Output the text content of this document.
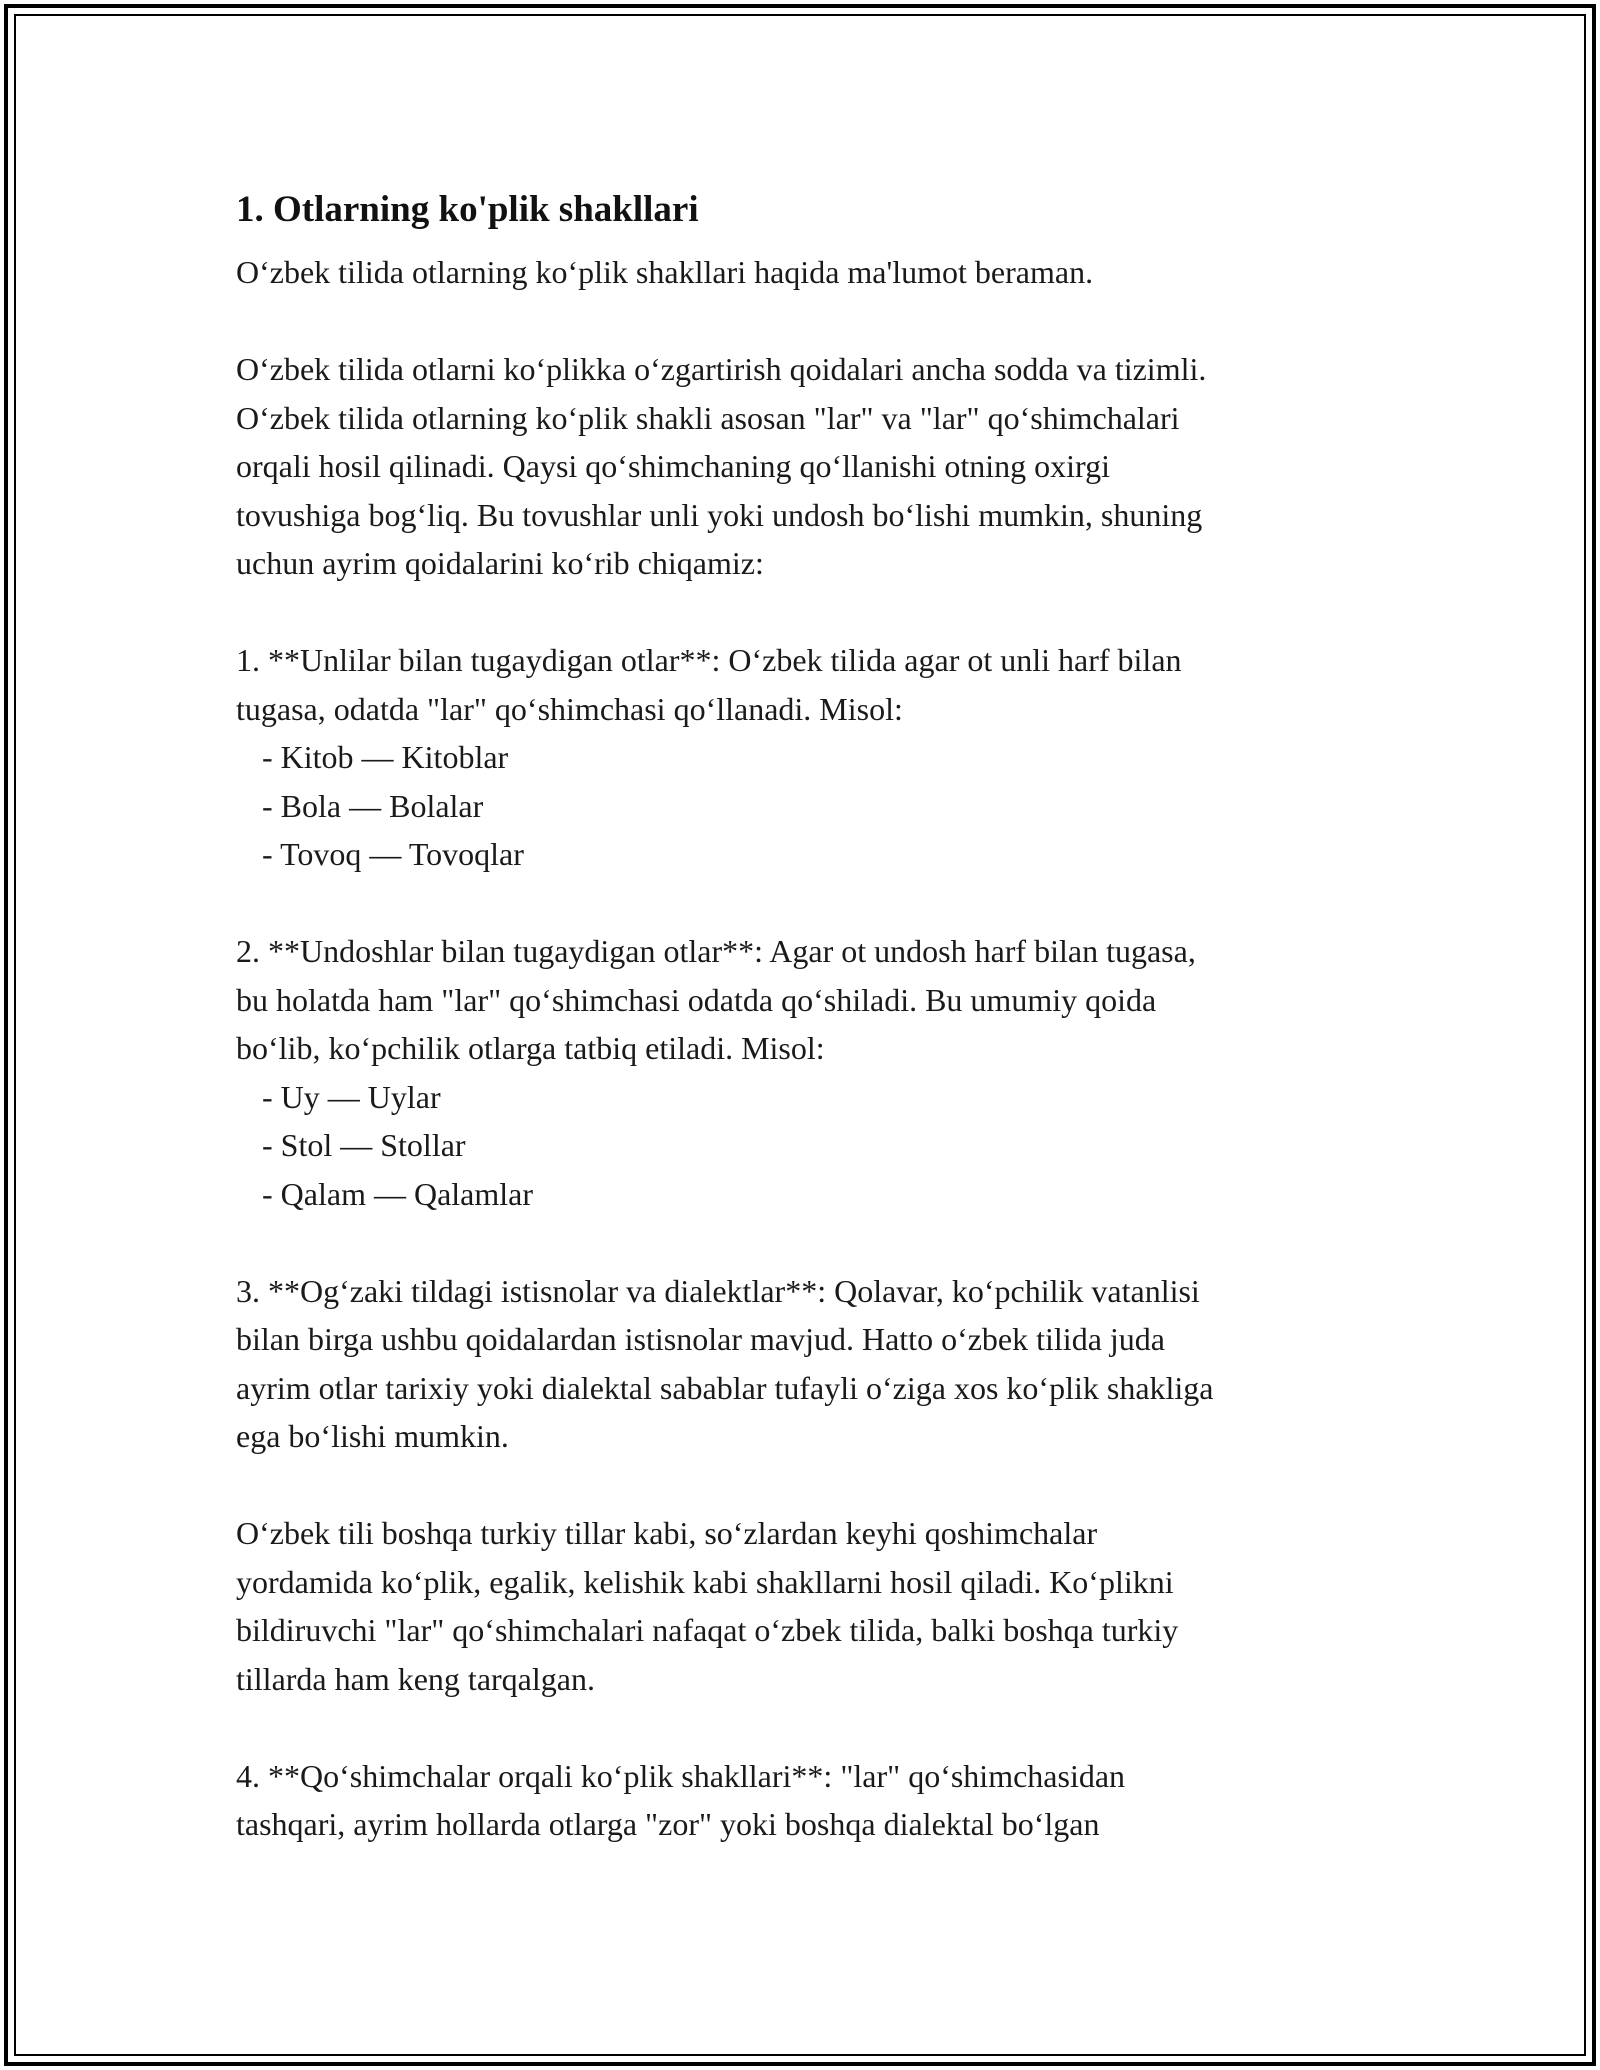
1. Otlarning ko'plik shakllari
O‘zbek tilida otlarning ko‘plik shakllari haqida ma'lumot beraman.
O‘zbek tilida otlarni ko‘plikka o‘zgartirish qoidalari ancha sodda va tizimli.
O‘zbek tilida otlarning ko‘plik shakli asosan "lar" va "lar" qo‘shimchalari
orqali hosil qilinadi. Qaysi qo‘shimchaning qo‘llanishi otning oxirgi
tovushiga bog‘liq. Bu tovushlar unli yoki undosh bo‘lishi mumkin, shuning
uchun ayrim qoidalarini ko‘rib chiqamiz:
1. **Unlilar bilan tugaydigan otlar**: O‘zbek tilida agar ot unli harf bilan
tugasa, odatda "lar" qo‘shimchasi qo‘llanadi. Misol:
- Kitob — Kitoblar
- Bola — Bolalar
- Tovoq — Tovoqlar
2. **Undoshlar bilan tugaydigan otlar**: Agar ot undosh harf bilan tugasa,
bu holatda ham "lar" qo‘shimchasi odatda qo‘shiladi. Bu umumiy qoida
bo‘lib, ko‘pchilik otlarga tatbiq etiladi. Misol:
- Uy — Uylar
- Stol — Stollar
- Qalam — Qalamlar
3. **Og‘zaki tildagi istisnolar va dialektlar**: Qolavar, ko‘pchilik vatanlisi
bilan birga ushbu qoidalardan istisnolar mavjud. Hatto o‘zbek tilida juda
ayrim otlar tarixiy yoki dialektal sabablar tufayli o‘ziga xos ko‘plik shakliga
ega bo‘lishi mumkin.
O‘zbek tili boshqa turkiy tillar kabi, so‘zlardan keyhi qoshimchalar
yordamida ko‘plik, egalik, kelishik kabi shakllarni hosil qiladi. Ko‘plikni
bildiruvchi "lar" qo‘shimchalari nafaqat o‘zbek tilida, balki boshqa turkiy
tillarda ham keng tarqalgan.
4. **Qo‘shimchalar orqali ko‘plik shakllari**: "lar" qo‘shimchasidan
tashqari, ayrim hollarda otlarga "zor" yoki boshqa dialektal bo‘lgan
